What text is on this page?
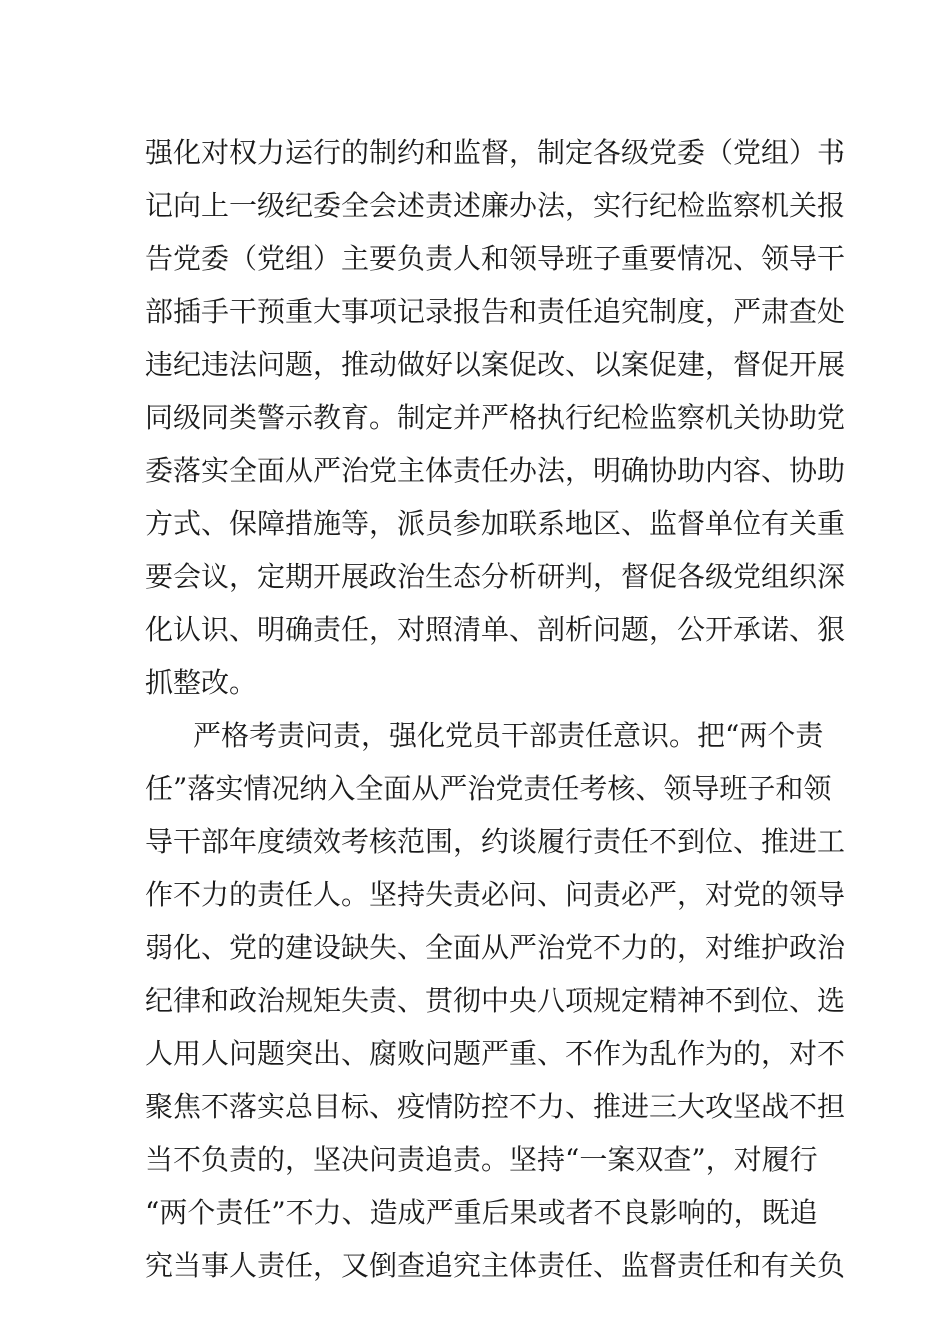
强化对权力运行的制约和监督，制定各级党委（党组）书
记向上一级纪委全会述责述廉办法，实行纪检监察机关报
告党委（党组）主要负责人和领导班子重要情况、领导干
部插手干预重大事项记录报告和责任追究制度，严肃查处
违纪违法问题，推动做好以案促改、以案促建，督促开展
同级同类警示教育。制定并严格执行纪检监察机关协助党
委落实全面从严治党主体责任办法，明确协助内容、协助
方式、保障措施等，派员参加联系地区、监督单位有关重
要会议，定期开展政治生态分析研判，督促各级党组织深
化认识、明确责任，对照清单、剖析问题，公开承诺、狠
抓整改。
严格考责问责，强化党员干部责任意识。把“两个责
任”落实情况纳入全面从严治党责任考核、领导班子和领
导干部年度绩效考核范围，约谈履行责任不到位、推进工
作不力的责任人。坚持失责必问、问责必严，对党的领导
弱化、党的建设缺失、全面从严治党不力的，对维护政治
纪律和政治规矩失责、贯彻中央八项规定精神不到位、选
人用人问题突出、腐败问题严重、不作为乱作为的，对不
聚焦不落实总目标、疫情防控不力、推进三大攻坚战不担
当不负责的，坚决问责追责。坚持“一案双查”，对履行
“两个责任”不力、造成严重后果或者不良影响的，既追
究当事人责任，又倒查追究主体责任、监督责任和有关负
